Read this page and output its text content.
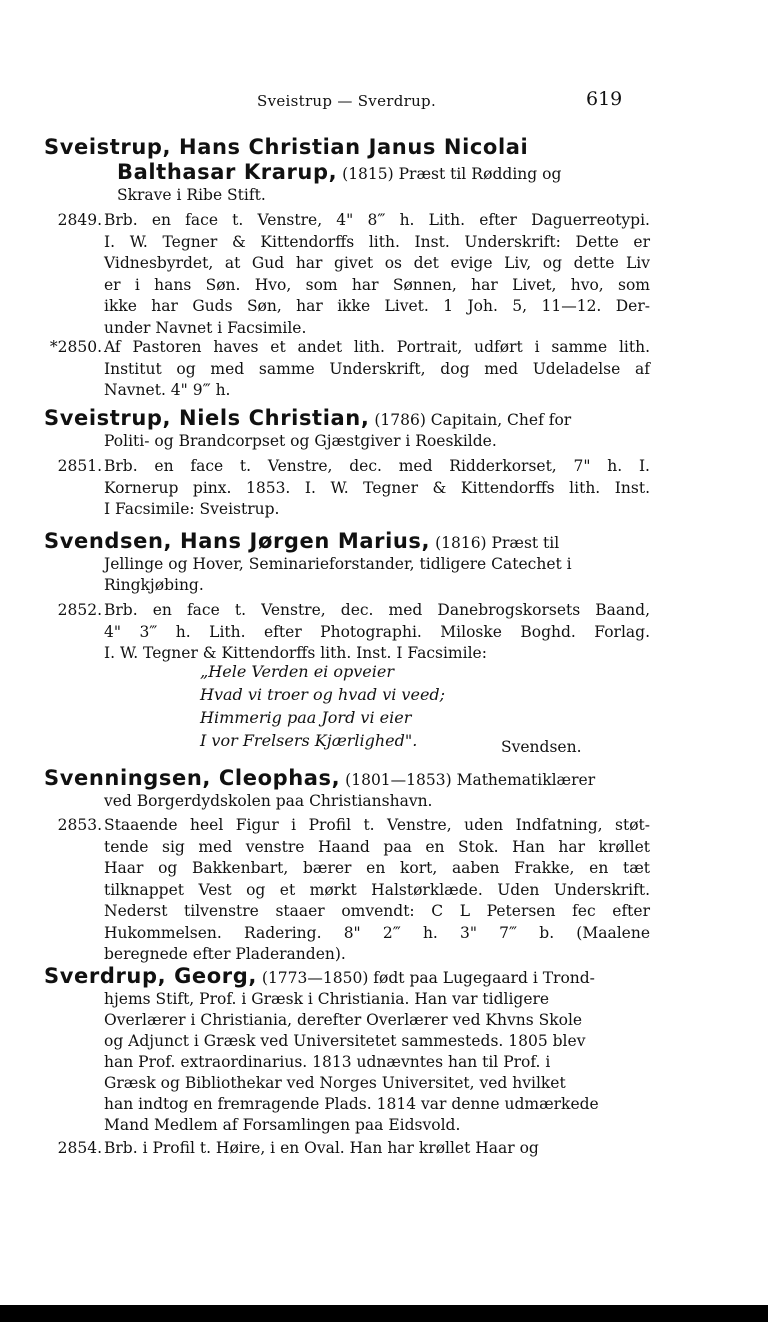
Sveistrup — Sverdrup.	619
Sveistrup, Hans Christian Janus Nicolai
Balthasar Krarup, (1815) Præst til Rødding og
Skrave i Ribe Stift.
2849. Brb. en face t. Venstre, 4" 8‴ h. Lith. efter Daguerreotypi.
I. W. Tegner & Kittendorffs lith. Inst. Underskrift: Dette er
Vidnesbyrdet, at Gud har givet os det evige Liv, og dette Liv
er i hans Søn. Hvo, som har Sønnen, har Livet, hvo, som
ikke har Guds Søn, har ikke Livet. 1 Joh. 5, 11—12. Der-
under Navnet i Facsimile.
*2850. Af Pastoren haves et andet lith. Portrait, udført i samme lith.
Institut og med samme Underskrift, dog med Udeladelse af
Navnet. 4" 9‴ h.
Sveistrup, Niels Christian, (1786) Capitain, Chef for
Politi- og Brandcorpset og Gjæstgiver i Roeskilde.
2851. Brb. en face t. Venstre, dec. med Ridderkorset, 7" h. I.
Kornerup pinx. 1853. I. W. Tegner & Kittendorffs lith. Inst.
I Facsimile: Sveistrup.
Svendsen, Hans Jørgen Marius, (1816) Præst til
Jellinge og Hover, Seminarieforstander, tidligere Catechet i
Ringkjøbing.
2852. Brb. en face t. Venstre, dec. med Danebrogskorsets Baand,
4" 3‴ h. Lith. efter Photographi. Miloske Boghd. Forlag.
I. W. Tegner & Kittendorffs lith. Inst. I Facsimile:
„Hele Verden ei opveier
Hvad vi troer og hvad vi veed;
Himmerig paa Jord vi eier
I vor Frelsers Kjærlighed".	Svendsen.
Svenningsen, Cleophas, (1801—1853) Mathematiklærer
ved Borgerdydskolen paa Christianshavn.
2853. Staaende heel Figur i Profil t. Venstre, uden Indfatning, støt-
tende sig med venstre Haand paa en Stok. Han har krøllet
Haar og Bakkenbart, bærer en kort, aaben Frakke, en tæt
tilknappet Vest og et mørkt Halstørklæde. Uden Underskrift.
Nederst tilvenstre staaer omvendt: C L Petersen fec efter
Hukommelsen. Radering. 8" 2‴ h. 3" 7‴ b. (Maalene
beregnede efter Pladeranden).
Sverdrup, Georg, (1773—1850) født paa Lugegaard i Trond-
hjems Stift, Prof. i Græsk i Christiania. Han var tidligere
Overlærer i Christiania, derefter Overlærer ved Khvns Skole
og Adjunct i Græsk ved Universitetet sammesteds. 1805 blev
han Prof. extraordinarius. 1813 udnævntes han til Prof. i
Græsk og Bibliothekar ved Norges Universitet, ved hvilket
han indtog en fremragende Plads. 1814 var denne udmærkede
Mand Medlem af Forsamlingen paa Eidsvold.
2854. Brb. i Profil t. Høire, i en Oval. Han har krøllet Haar og
